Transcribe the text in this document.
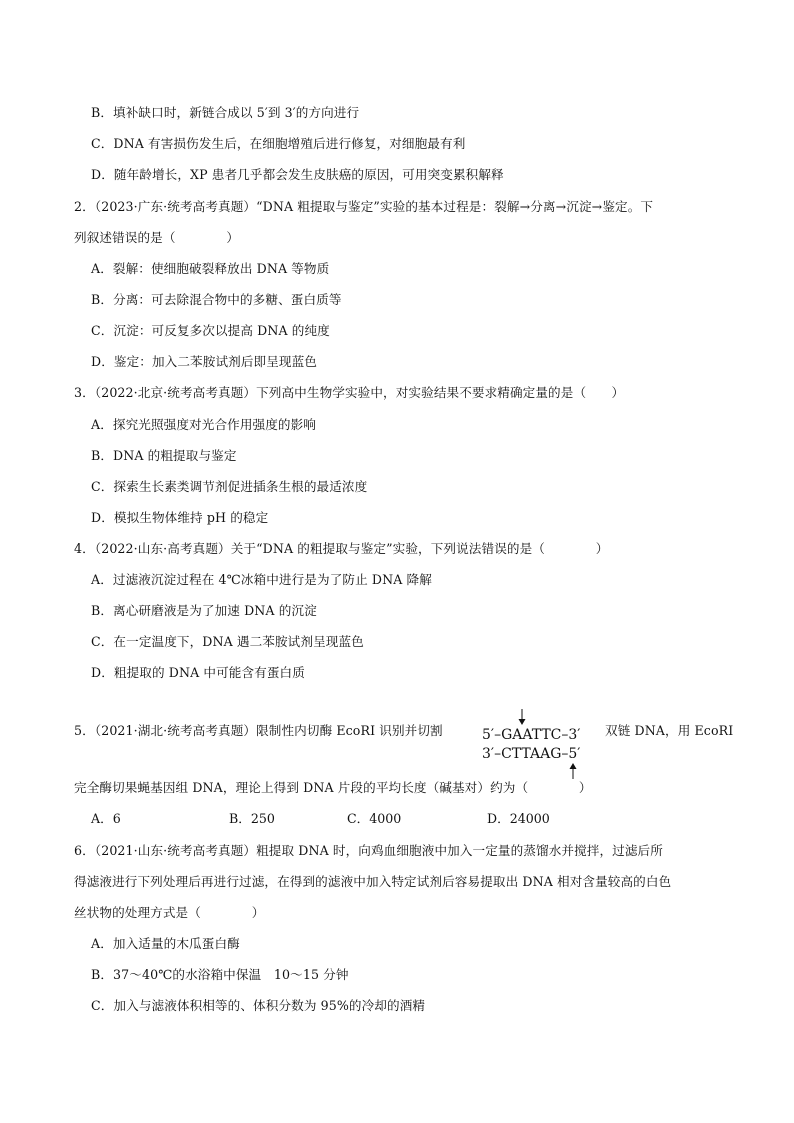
B．填补缺口时，新链合成以 5′到 3′的方向进行
C．DNA 有害损伤发生后，在细胞增殖后进行修复，对细胞最有利
D．随年龄增长，XP 患者几乎都会发生皮肤癌的原因，可用突变累积解释
2．（2023·广东·统考高考真题）“DNA 粗提取与鉴定”实验的基本过程是：裂解→分离→沉淀→鉴定。下
列叙述错误的是（　　　　）
A．裂解：使细胞破裂释放出 DNA 等物质
B．分离：可去除混合物中的多糖、蛋白质等
C．沉淀：可反复多次以提高 DNA 的纯度
D．鉴定：加入二苯胺试剂后即呈现蓝色
3．（2022·北京·统考高考真题）下列高中生物学实验中，对实验结果不要求精确定量的是（　　）
A．探究光照强度对光合作用强度的影响
B．DNA 的粗提取与鉴定
C．探索生长素类调节剂促进插条生根的最适浓度
D．模拟生物体维持 pH 的稳定
4．（2022·山东·高考真题）关于“DNA 的粗提取与鉴定”实验，下列说法错误的是（　　　　）
A．过滤液沉淀过程在 4℃冰箱中进行是为了防止 DNA 降解
B．离心研磨液是为了加速 DNA 的沉淀
C．在一定温度下，DNA 遇二苯胺试剂呈现蓝色
D．粗提取的 DNA 中可能含有蛋白质
5．（2021·湖北·统考高考真题）限制性内切酶 EcoRI 识别并切割	5′–GAATTC–3′
3′–CTTAAG–5′
双链 DNA，用 EcoRI
完全酶切果蝇基因组 DNA，理论上得到 DNA 片段的平均长度（碱基对）约为（　　　　）
A．6	B．250	C．4000	D．24000
6．（2021·山东·统考高考真题）粗提取 DNA 时，向鸡血细胞液中加入一定量的蒸馏水并搅拌，过滤后所
得滤液进行下列处理后再进行过滤，在得到的滤液中加入特定试剂后容易提取出 DNA 相对含量较高的白色
丝状物的处理方式是（　　　　）
A．加入适量的木瓜蛋白酶
B．37～40℃的水浴箱中保温　10～15 分钟
C．加入与滤液体积相等的、体积分数为 95%的冷却的酒精
